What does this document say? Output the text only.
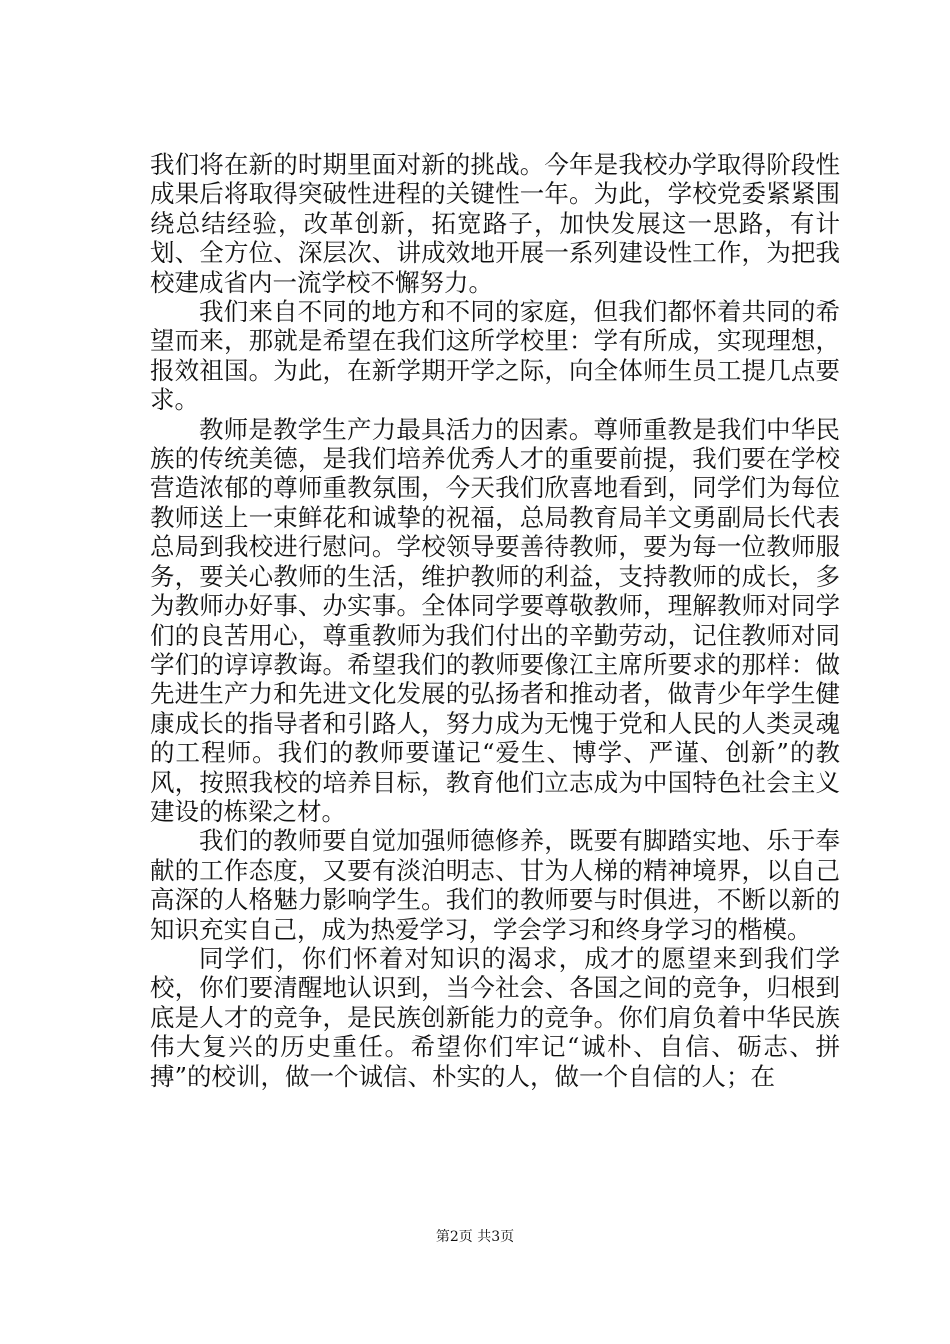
我们将在新的时期里面对新的挑战。今年是我校办学取得阶段性成果后将取得突破性进程的关键性一年。为此，学校党委紧紧围绕总结经验，改革创新，拓宽路子，加快发展这一思路，有计划、全方位、深层次、讲成效地开展一系列建设性工作，为把我校建成省内一流学校不懈努力。

我们来自不同的地方和不同的家庭，但我们都怀着共同的希望而来，那就是希望在我们这所学校里：学有所成，实现理想，报效祖国。为此，在新学期开学之际，向全体师生员工提几点要求。

教师是教学生产力最具活力的因素。尊师重教是我们中华民族的传统美德，是我们培养优秀人才的重要前提，我们要在学校营造浓郁的尊师重教氛围，今天我们欣喜地看到，同学们为每位教师送上一束鲜花和诚挚的祝福，总局教育局羊文勇副局长代表总局到我校进行慰问。学校领导要善待教师，要为每一位教师服务，要关心教师的生活，维护教师的利益，支持教师的成长，多为教师办好事、办实事。全体同学要尊敬教师，理解教师对同学们的良苦用心，尊重教师为我们付出的辛勤劳动，记住教师对同学们的谆谆教诲。希望我们的教师要像江主席所要求的那样：做先进生产力和先进文化发展的弘扬者和推动者，做青少年学生健康成长的指导者和引路人，努力成为无愧于党和人民的人类灵魂的工程师。我们的教师要谨记“爱生、博学、严谨、创新”的教风，按照我校的培养目标，教育他们立志成为中国特色社会主义建设的栋梁之材。

我们的教师要自觉加强师德修养，既要有脚踏实地、乐于奉献的工作态度，又要有淡泊明志、甘为人梯的精神境界，以自己高深的人格魅力影响学生。我们的教师要与时俱进，不断以新的知识充实自己，成为热爱学习，学会学习和终身学习的楷模。

同学们，你们怀着对知识的渴求，成才的愿望来到我们学校，你们要清醒地认识到，当今社会、各国之间的竞争，归根到底是人才的竞争，是民族创新能力的竞争。你们肩负着中华民族伟大复兴的历史重任。希望你们牢记“诚朴、自信、砺志、拼搏”的校训，做一个诚信、朴实的人，做一个自信的人；在

第2页 共3页
